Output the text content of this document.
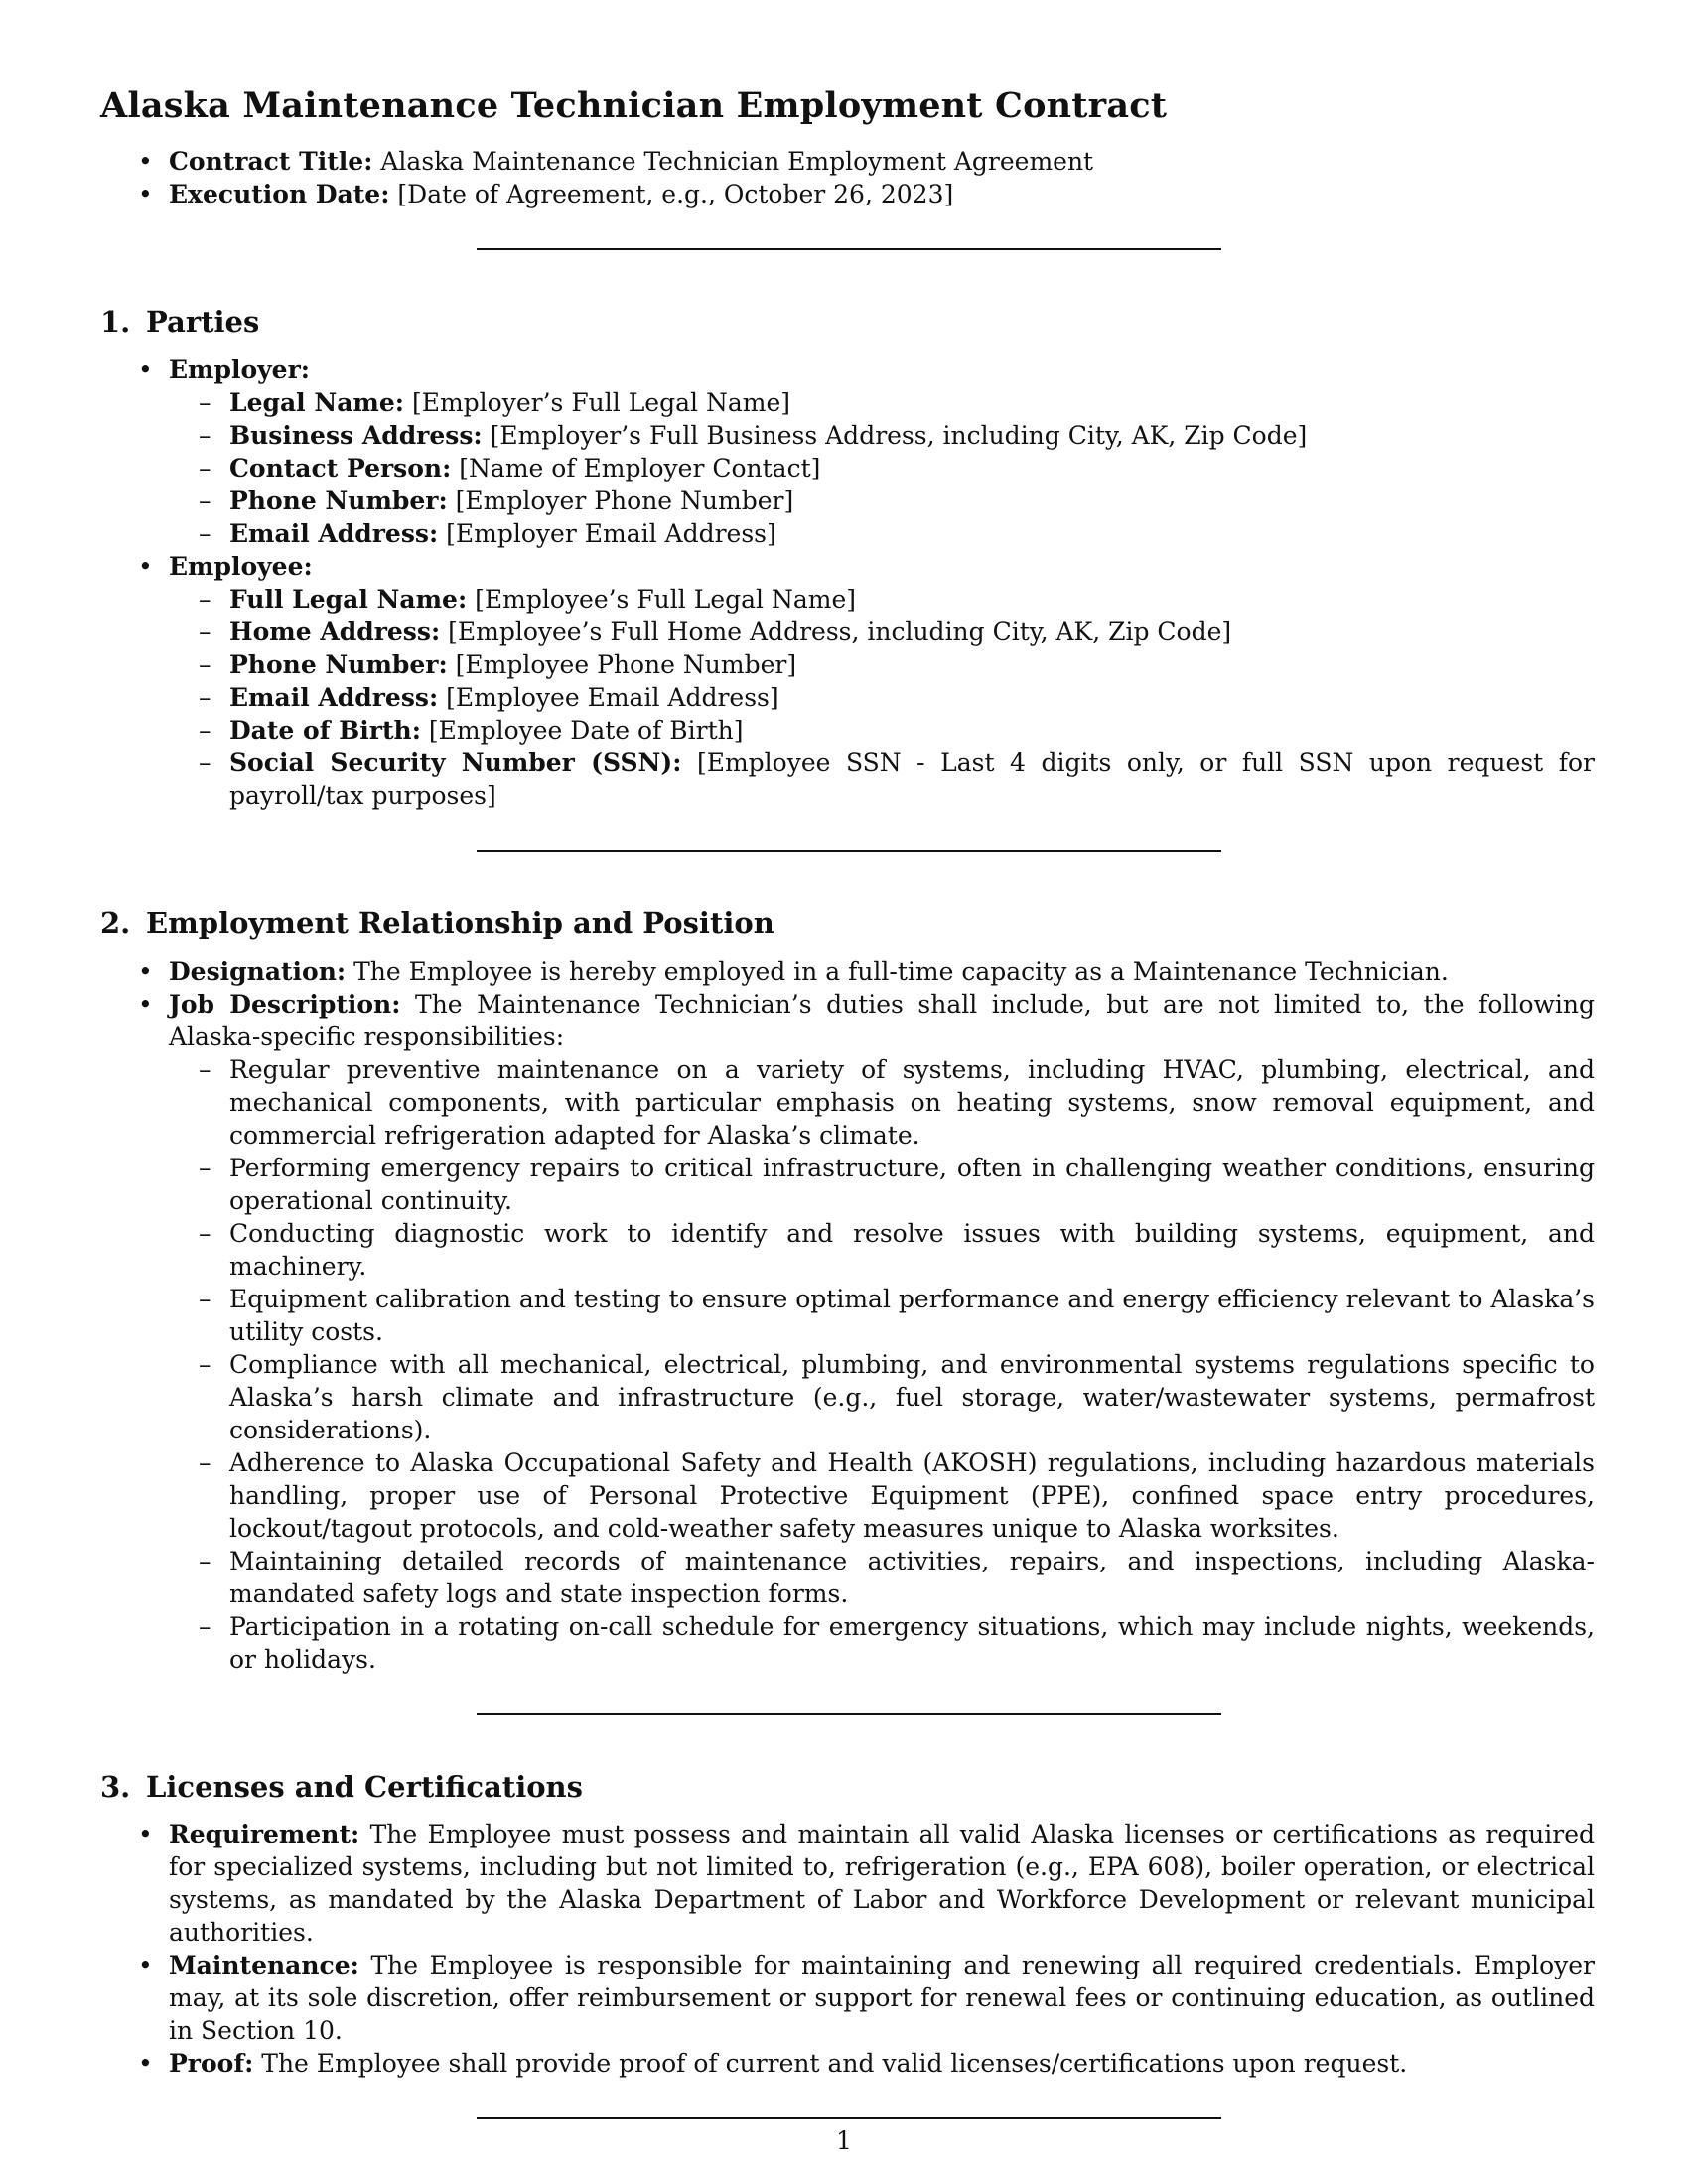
Alaska Maintenance Technician Employment Contract
• Contract Title: Alaska Maintenance Technician Employment Agreement
• Execution Date: [Date of Agreement, e.g., October 26, 2023]
1. Parties
• Employer:
– Legal Name: [Employer’s Full Legal Name]
– Business Address: [Employer’s Full Business Address, including City, AK, Zip Code]
– Contact Person: [Name of Employer Contact]
– Phone Number: [Employer Phone Number]
– Email Address: [Employer Email Address]
• Employee:
– Full Legal Name: [Employee’s Full Legal Name]
– Home Address: [Employee’s Full Home Address, including City, AK, Zip Code]
– Phone Number: [Employee Phone Number]
– Email Address: [Employee Email Address]
– Date of Birth: [Employee Date of Birth]
– Social Security Number (SSN): [Employee SSN - Last 4 digits only, or full SSN upon request for payroll/tax purposes]
2. Employment Relationship and Position
• Designation: The Employee is hereby employed in a full-time capacity as a Maintenance Technician.
• Job Description: The Maintenance Technician’s duties shall include, but are not limited to, the following Alaska-specific responsibilities:
– Regular preventive maintenance on a variety of systems, including HVAC, plumbing, electrical, and mechanical components, with particular emphasis on heating systems, snow removal equipment, and commercial refrigeration adapted for Alaska’s climate.
– Performing emergency repairs to critical infrastructure, often in challenging weather conditions, ensuring operational continuity.
– Conducting diagnostic work to identify and resolve issues with building systems, equipment, and machinery.
– Equipment calibration and testing to ensure optimal performance and energy efficiency relevant to Alaska’s utility costs.
– Compliance with all mechanical, electrical, plumbing, and environmental systems regulations specific to Alaska’s harsh climate and infrastructure (e.g., fuel storage, water/wastewater systems, permafrost considerations).
– Adherence to Alaska Occupational Safety and Health (AKOSH) regulations, including hazardous materials handling, proper use of Personal Protective Equipment (PPE), confined space entry procedures, lockout/tagout protocols, and cold-weather safety measures unique to Alaska worksites.
– Maintaining detailed records of maintenance activities, repairs, and inspections, including Alaska-mandated safety logs and state inspection forms.
– Participation in a rotating on-call schedule for emergency situations, which may include nights, weekends, or holidays.
3. Licenses and Certifications
• Requirement: The Employee must possess and maintain all valid Alaska licenses or certifications as required for specialized systems, including but not limited to, refrigeration (e.g., EPA 608), boiler operation, or electrical systems, as mandated by the Alaska Department of Labor and Workforce Development or relevant municipal authorities.
• Maintenance: The Employee is responsible for maintaining and renewing all required credentials. Employer may, at its sole discretion, offer reimbursement or support for renewal fees or continuing education, as outlined in Section 10.
• Proof: The Employee shall provide proof of current and valid licenses/certifications upon request.
1
